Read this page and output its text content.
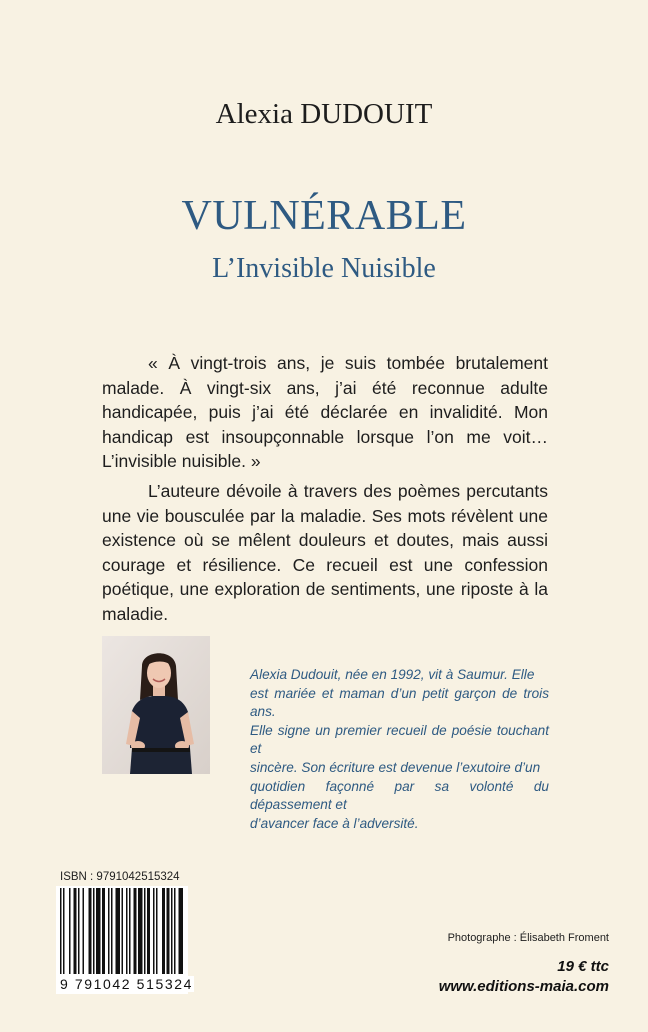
Alexia DUDOUIT
VULNÉRABLE
L’Invisible Nuisible

« À vingt-trois ans, je suis tombée brutalement malade. À vingt-six ans, j’ai été reconnue adulte handicapée, puis j’ai été déclarée en invalidité. Mon handicap est insoupçonnable lorsque l’on me voit… L’invisible nuisible. »

L’auteure dévoile à travers des poèmes percutants une vie bousculée par la maladie. Ses mots révèlent une existence où se mêlent douleurs et doutes, mais aussi courage et résilience. Ce recueil est une confession poétique, une exploration de sentiments, une riposte à la maladie.

Alexia Dudouit, née en 1992, vit à Saumur. Elle
est mariée et maman d’un petit garçon de trois ans.
Elle signe un premier recueil de poésie touchant et
sincère. Son écriture est devenue l’exutoire d’un
quotidien façonné par sa volonté du dépassement et
d’avancer face à l’adversité.
ISBN : 9791042515324
9 791042 515324
Photographe : Élisabeth Froment
19 € ttc
www.editions-maia.com
